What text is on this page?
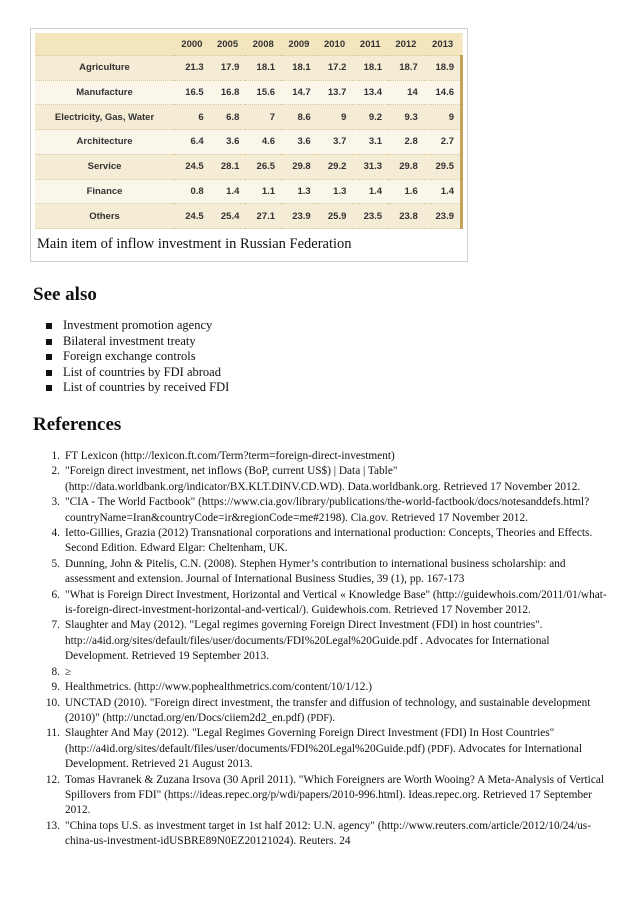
	2000	2005	2008	2009	2010	2011	2012	2013
Agriculture	21.3	17.9	18.1	18.1	17.2	18.1	18.7	18.9
Manufacture	16.5	16.8	15.6	14.7	13.7	13.4	14	14.6
Electricity, Gas, Water	6	6.8	7	8.6	9	9.2	9.3	9
Architecture	6.4	3.6	4.6	3.6	3.7	3.1	2.8	2.7
Service	24.5	28.1	26.5	29.8	29.2	31.3	29.8	29.5
Finance	0.8	1.4	1.1	1.3	1.3	1.4	1.6	1.4
Others	24.5	25.4	27.1	23.9	25.9	23.5	23.8	23.9
Main item of inflow investment in Russian Federation
See also
Investment promotion agency
Bilateral investment treaty
Foreign exchange controls
List of countries by FDI abroad
List of countries by received FDI
References
1. FT Lexicon (http://lexicon.ft.com/Term?term=foreign-direct-investment)
2. "Foreign direct investment, net inflows (BoP, current US$) | Data | Table" (http://data.worldbank.org/indicator/BX.KLT.DINV.CD.WD). Data.worldbank.org. Retrieved 17 November 2012.
3. "CIA - The World Factbook" (https://www.cia.gov/library/publications/the-world-factbook/docs/notesanddefs.html?countryName=Iran&countryCode=ir&regionCode=me#2198). Cia.gov. Retrieved 17 November 2012.
4. Ietto-Gillies, Grazia (2012) Transnational corporations and international production: Concepts, Theories and Effects. Second Edition. Edward Elgar: Cheltenham, UK.
5. Dunning, John & Pitelis, C.N. (2008). Stephen Hymer’s contribution to international business scholarship: and assessment and extension. Journal of International Business Studies, 39 (1), pp. 167-173
6. "What is Foreign Direct Investment, Horizontal and Vertical « Knowledge Base" (http://guidewhois.com/2011/01/what-is-foreign-direct-investment-horizontal-and-vertical/). Guidewhois.com. Retrieved 17 November 2012.
7. Slaughter and May (2012). "Legal regimes governing Foreign Direct Investment (FDI) in host countries". http://a4id.org/sites/default/files/user/documents/FDI%20Legal%20Guide.pdf . Advocates for International Development. Retrieved 19 September 2013.
8. ≥
9. Healthmetrics. (http://www.pophealthmetrics.com/content/10/1/12.)
10. UNCTAD (2010). "Foreign direct investment, the transfer and diffusion of technology, and sustainable development (2010)" (http://unctad.org/en/Docs/ciiem2d2_en.pdf) (PDF).
11. Slaughter And May (2012). "Legal Regimes Governing Foreign Direct Investment (FDI) In Host Countries" (http://a4id.org/sites/default/files/user/documents/FDI%20Legal%20Guide.pdf) (PDF). Advocates for International Development. Retrieved 21 August 2013.
12. Tomas Havranek & Zuzana Irsova (30 April 2011). "Which Foreigners are Worth Wooing? A Meta-Analysis of Vertical Spillovers from FDI" (https://ideas.repec.org/p/wdi/papers/2010-996.html). Ideas.repec.org. Retrieved 17 September 2012.
13. "China tops U.S. as investment target in 1st half 2012: U.N. agency" (http://www.reuters.com/article/2012/10/24/us-china-us-investment-idUSBRE89N0EZ20121024). Reuters. 24
